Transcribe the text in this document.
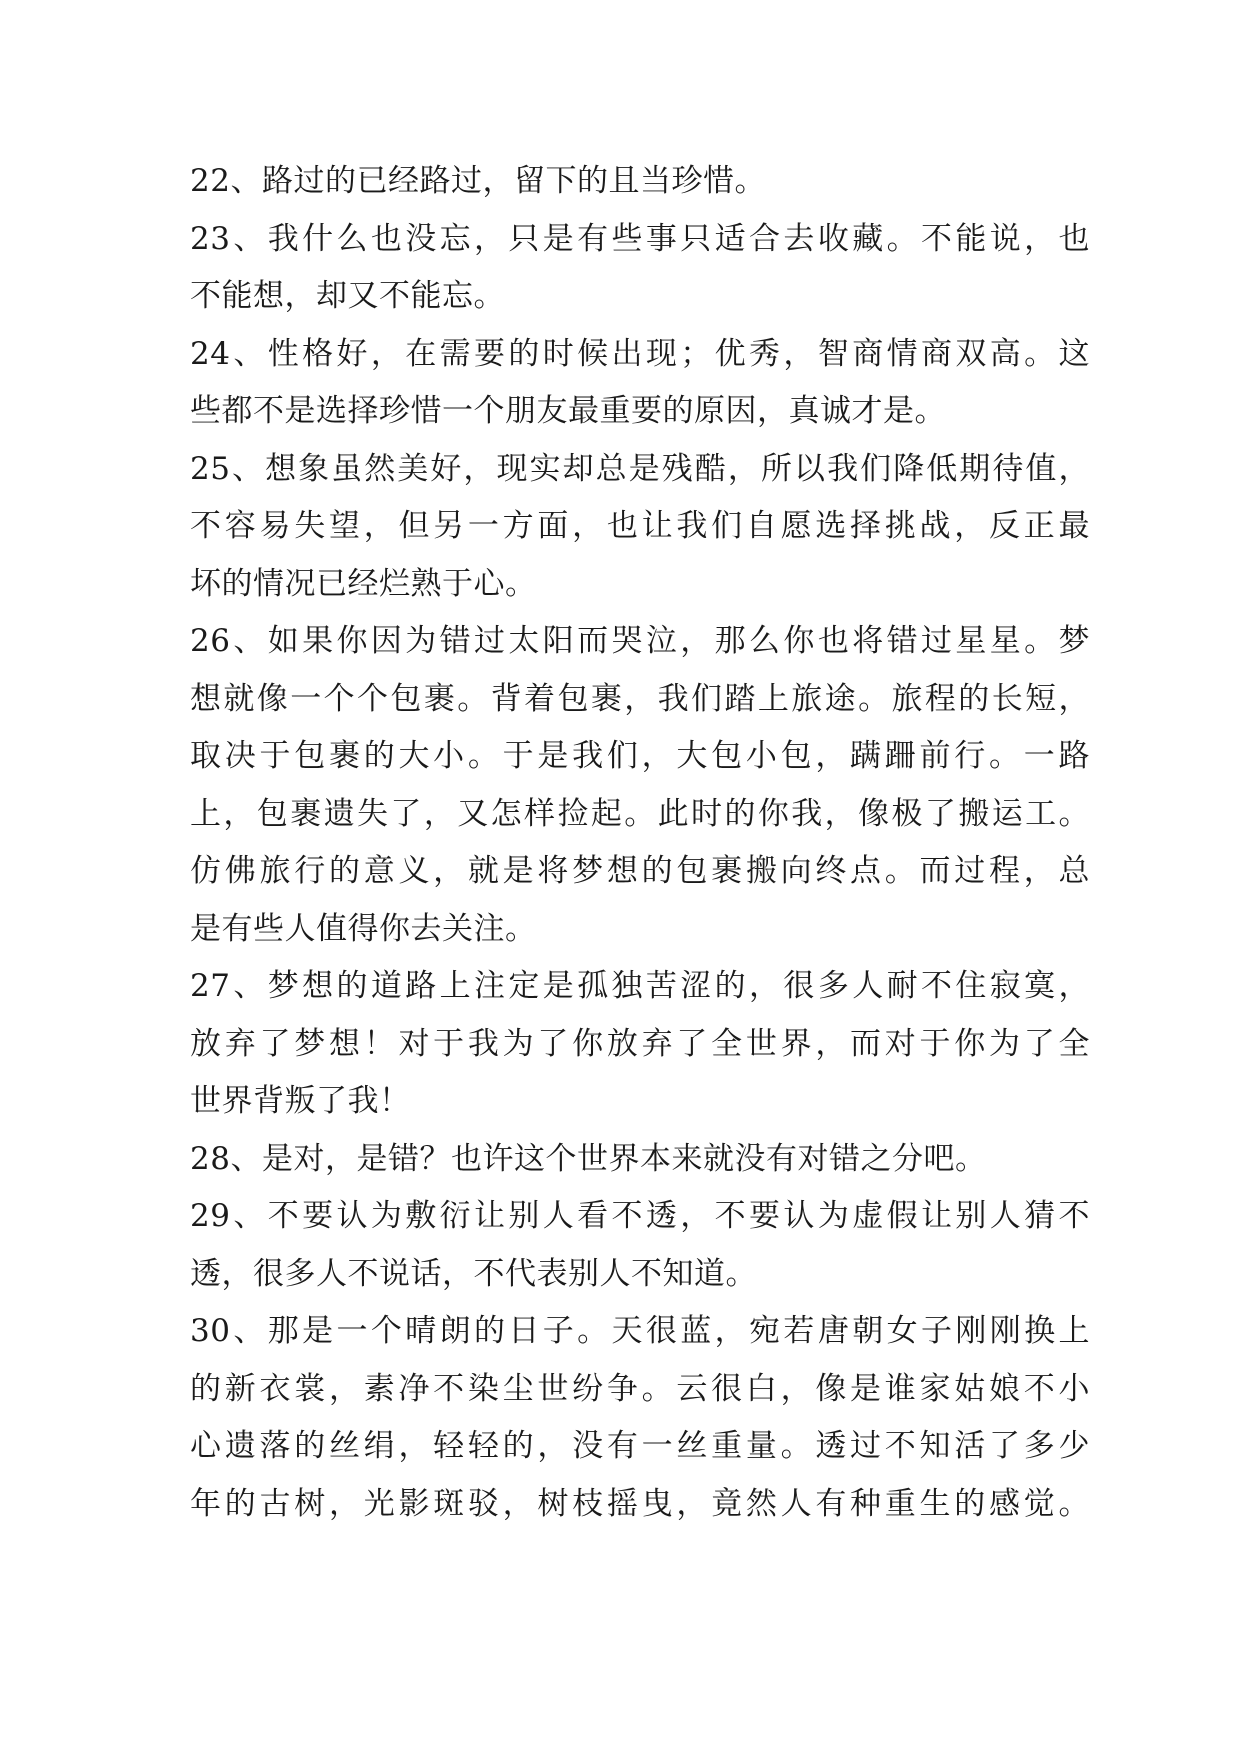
22、路过的已经路过，留下的且当珍惜。
23、我什么也没忘，只是有些事只适合去收藏。不能说，也
不能想，却又不能忘。
24、性格好，在需要的时候出现；优秀，智商情商双高。这
些都不是选择珍惜一个朋友最重要的原因，真诚才是。
25、想象虽然美好，现实却总是残酷，所以我们降低期待值，
不容易失望，但另一方面，也让我们自愿选择挑战，反正最
坏的情况已经烂熟于心。
26、如果你因为错过太阳而哭泣，那么你也将错过星星。梦
想就像一个个包裹。背着包裹，我们踏上旅途。旅程的长短，
取决于包裹的大小。于是我们，大包小包，蹒跚前行。一路
上，包裹遗失了，又怎样捡起。此时的你我，像极了搬运工。
仿佛旅行的意义，就是将梦想的包裹搬向终点。而过程，总
是有些人值得你去关注。
27、梦想的道路上注定是孤独苦涩的，很多人耐不住寂寞，
放弃了梦想！对于我为了你放弃了全世界，而对于你为了全
世界背叛了我！
28、是对，是错？也许这个世界本来就没有对错之分吧。
29、不要认为敷衍让别人看不透，不要认为虚假让别人猜不
透，很多人不说话，不代表别人不知道。
30、那是一个晴朗的日子。天很蓝，宛若唐朝女子刚刚换上
的新衣裳，素净不染尘世纷争。云很白，像是谁家姑娘不小
心遗落的丝绢，轻轻的，没有一丝重量。透过不知活了多少
年的古树，光影斑驳，树枝摇曳，竟然人有种重生的感觉。
